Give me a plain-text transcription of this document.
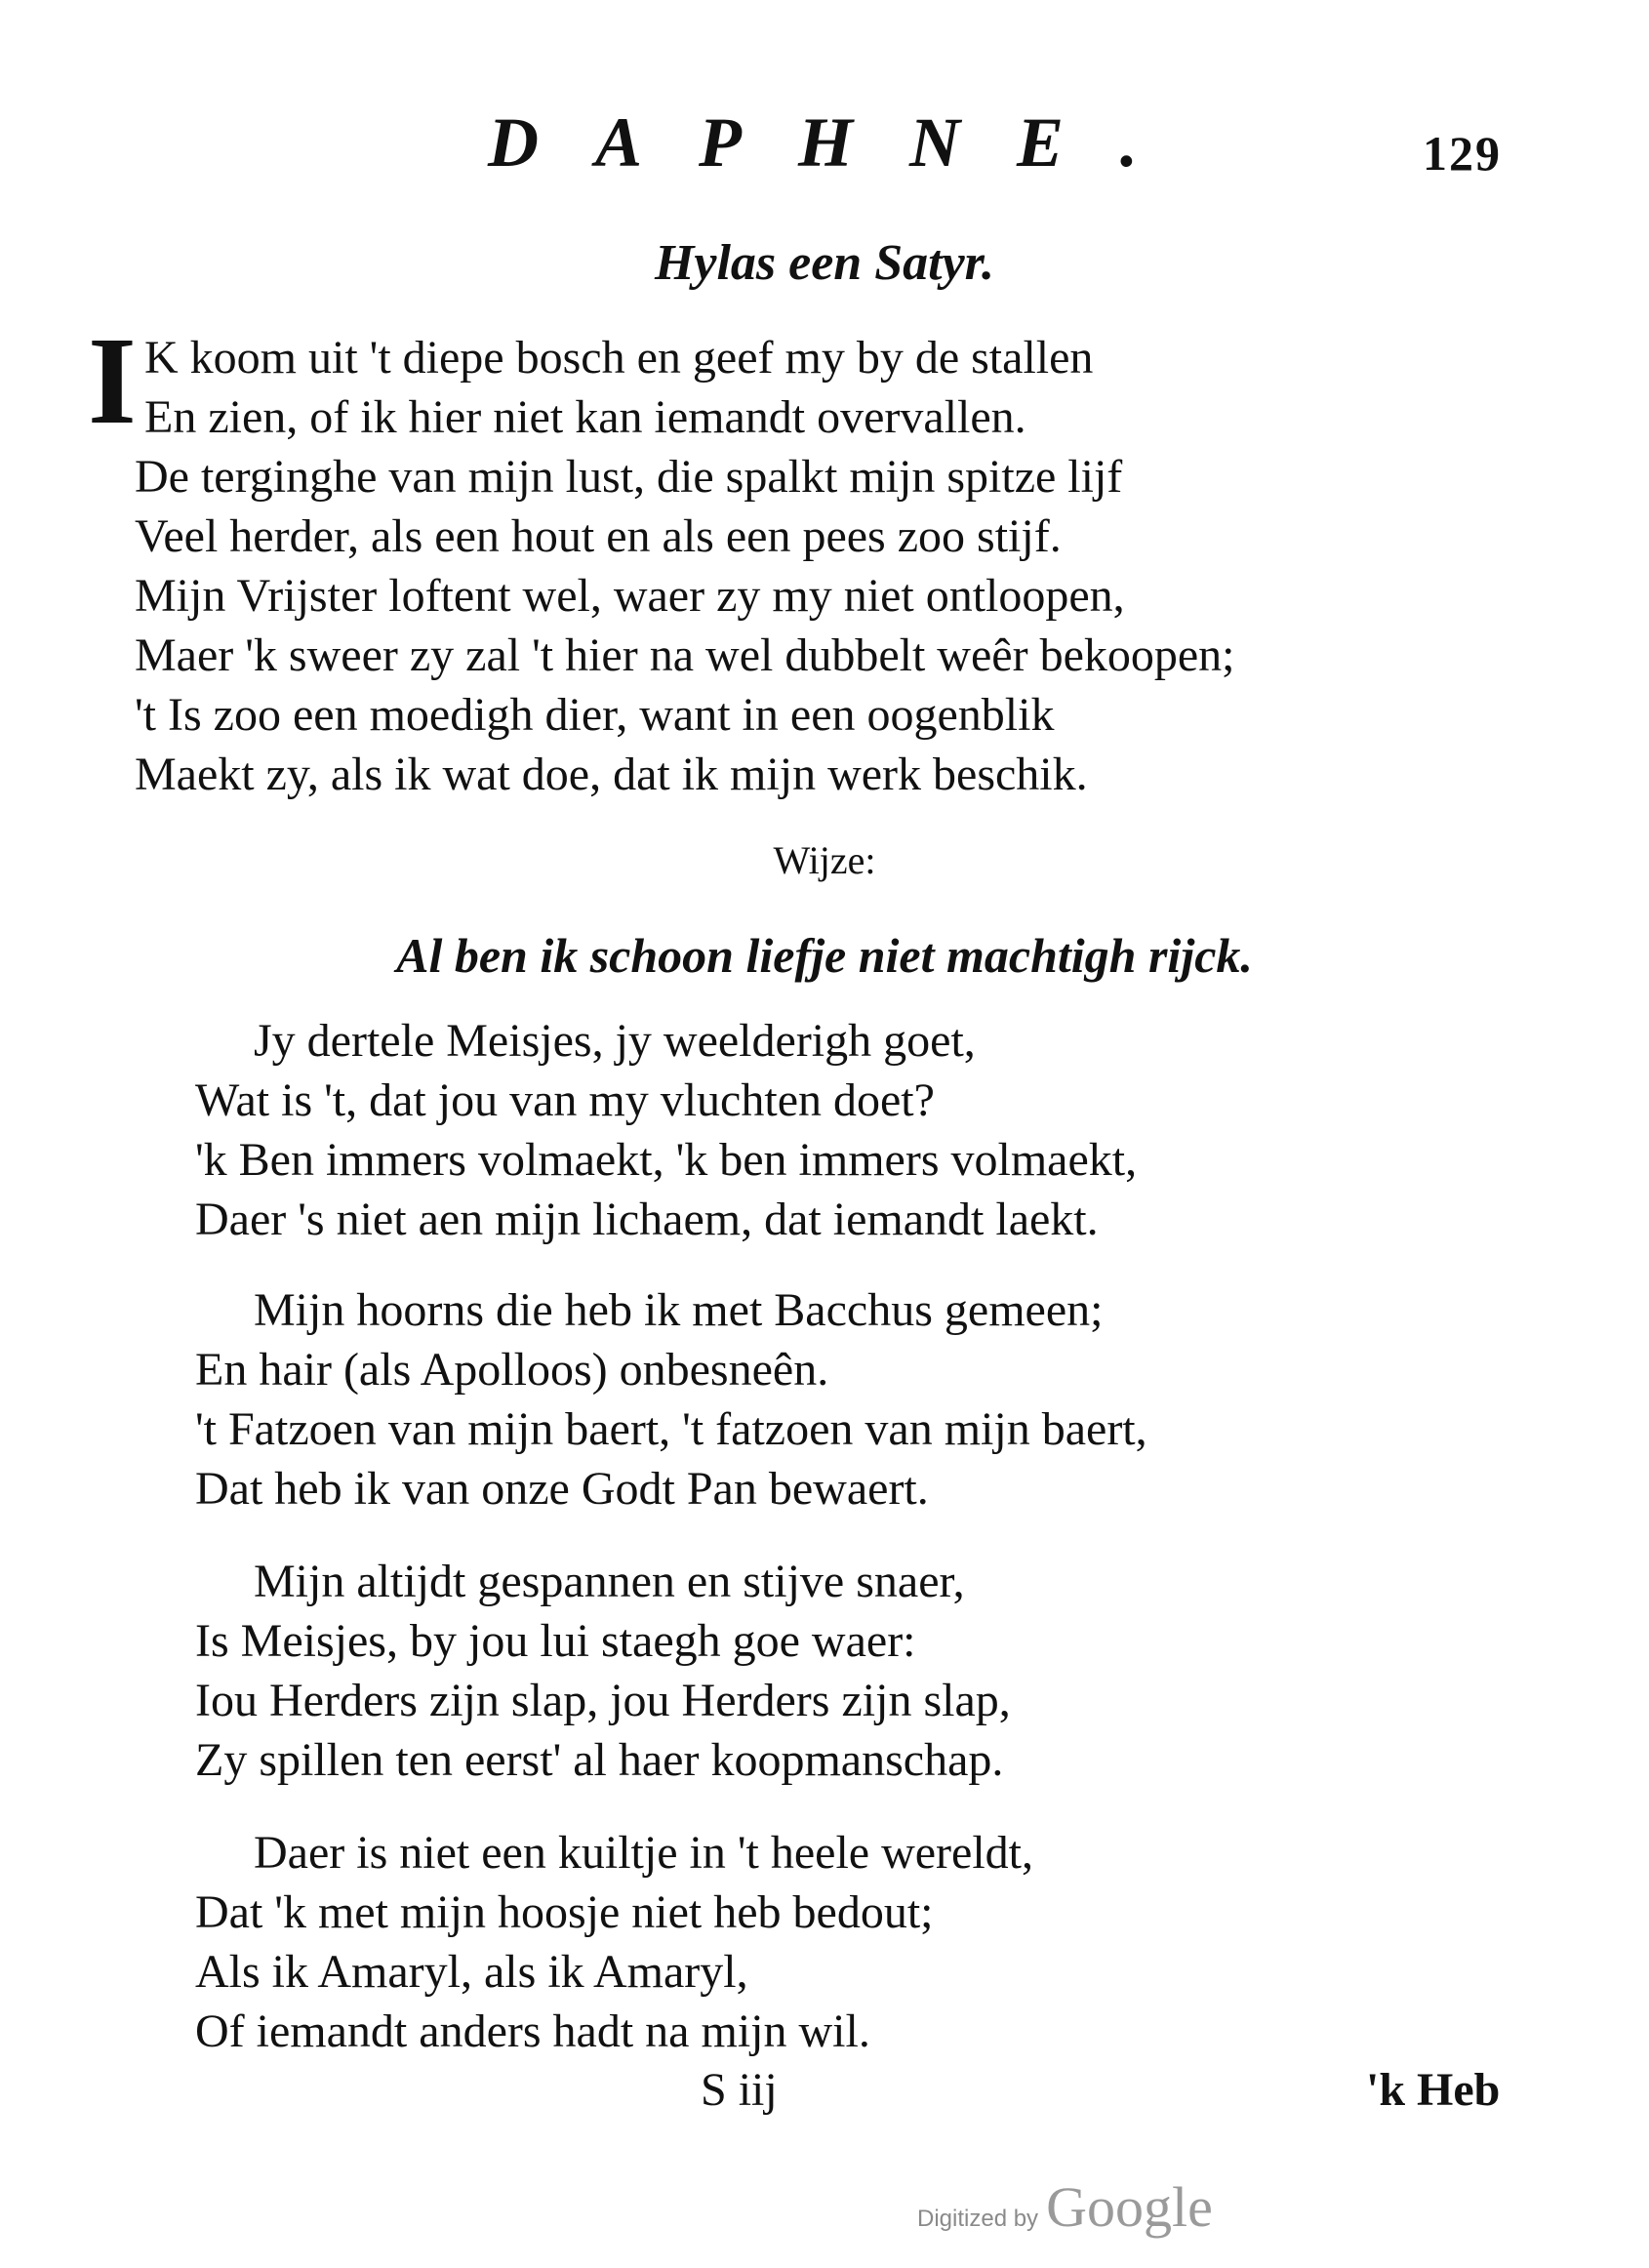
DAPHNE.	129
Hylas een Satyr.
I K koom uit 't diepe bosch en geef my by de stallen
En zien, of ik hier niet kan iemandt overvallen.
De terginghe van mijn lust, die spalkt mijn spitze lijf
Veel herder, als een hout en als een pees zoo stijf.
Mijn Vrijster loftent wel, waer zy my niet ontloopen,
Maer 'k sweer zy zal 't hier na wel dubbelt weêr bekoopen;
't Is zoo een moedigh dier, want in een oogenblik
Maekt zy, als ik wat doe, dat ik mijn werk beschik.
Wijze:
Al ben ik schoon liefje niet machtigh rijck.
Jy dertele Meisjes, jy weelderigh goet,
Wat is 't, dat jou van my vluchten doet?
'k Ben immers volmaekt, 'k ben immers volmaekt,
Daer 's niet aen mijn lichaem, dat iemandt laekt.
Mijn hoorns die heb ik met Bacchus gemeen;
En hair (als Apolloos) onbesneên.
't Fatzoen van mijn baert, 't fatzoen van mijn baert,
Dat heb ik van onze Godt Pan bewaert.
Mijn altijdt gespannen en stijve snaer,
Is Meisjes, by jou lui staegh goe waer:
Iou Herders zijn slap, jou Herders zijn slap,
Zy spillen ten eerst' al haer koopmanschap.
Daer is niet een kuiltje in 't heele wereldt,
Dat 'k met mijn hoosje niet heb bedout;
Als ik Amaryl, als ik Amaryl,
Of iemandt anders hadt na mijn wil.
S iij	'k Heb
Digitized by Google
